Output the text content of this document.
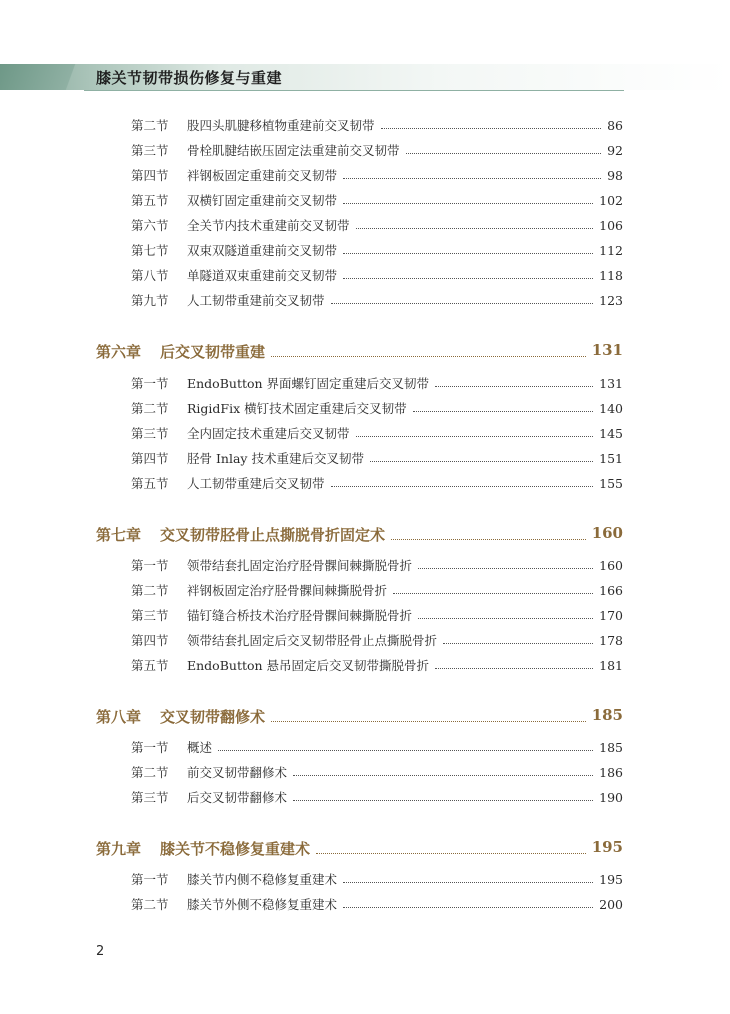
膝关节韧带损伤修复与重建
第二节	股四头肌腱移植物重建前交叉韧带	86
第三节	骨栓肌腱结嵌压固定法重建前交叉韧带	92
第四节	袢钢板固定重建前交叉韧带	98
第五节	双横钉固定重建前交叉韧带	102
第六节	全关节内技术重建前交叉韧带	106
第七节	双束双隧道重建前交叉韧带	112
第八节	单隧道双束重建前交叉韧带	118
第九节	人工韧带重建前交叉韧带	123
第六章 后交叉韧带重建	131
第一节	EndoButton 界面螺钉固定重建后交叉韧带	131
第二节	RigidFix 横钉技术固定重建后交叉韧带	140
第三节	全内固定技术重建后交叉韧带	145
第四节	胫骨 Inlay 技术重建后交叉韧带	151
第五节	人工韧带重建后交叉韧带	155
第七章 交叉韧带胫骨止点撕脱骨折固定术	160
第一节	领带结套扎固定治疗胫骨髁间棘撕脱骨折	160
第二节	袢钢板固定治疗胫骨髁间棘撕脱骨折	166
第三节	锚钉缝合桥技术治疗胫骨髁间棘撕脱骨折	170
第四节	领带结套扎固定后交叉韧带胫骨止点撕脱骨折	178
第五节	EndoButton 悬吊固定后交叉韧带撕脱骨折	181
第八章 交叉韧带翻修术	185
第一节	概述	185
第二节	前交叉韧带翻修术	186
第三节	后交叉韧带翻修术	190
第九章 膝关节不稳修复重建术	195
第一节	膝关节内侧不稳修复重建术	195
第二节	膝关节外侧不稳修复重建术	200
2
